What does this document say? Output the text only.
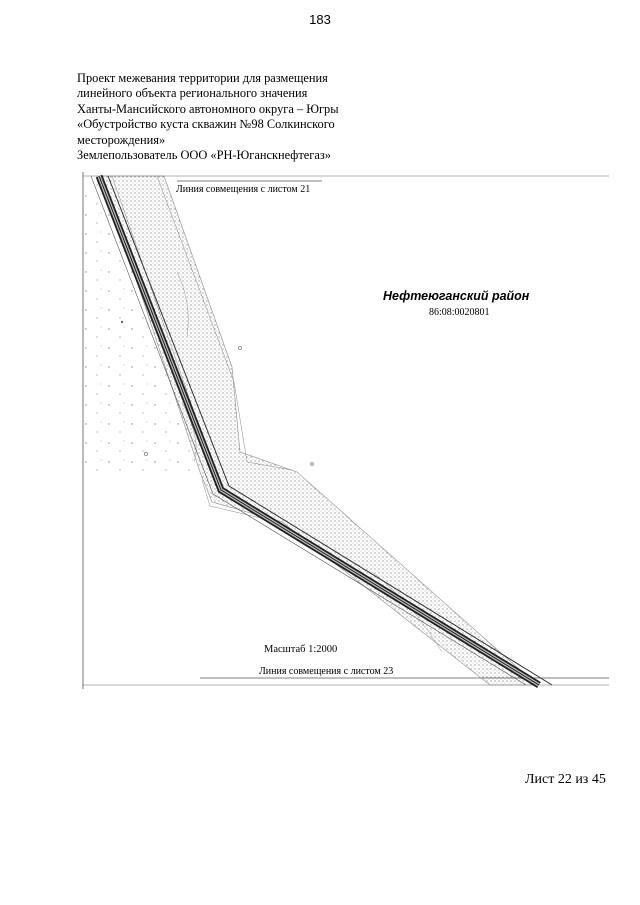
183
Проект межевания территории для размещения
линейного объекта регионального значения
Ханты-Мансийского автономного округа – Югры
«Обустройство куста скважин №98 Солкинского
месторождения»
Землепользователь ООО «РН-Юганскнефтегаз»
Линия совмещения с листом 21
Нефтеюганский район
86:08:0020801
Масштаб 1:2000
Линия совмещения с листом 23
Лист 22 из 45
